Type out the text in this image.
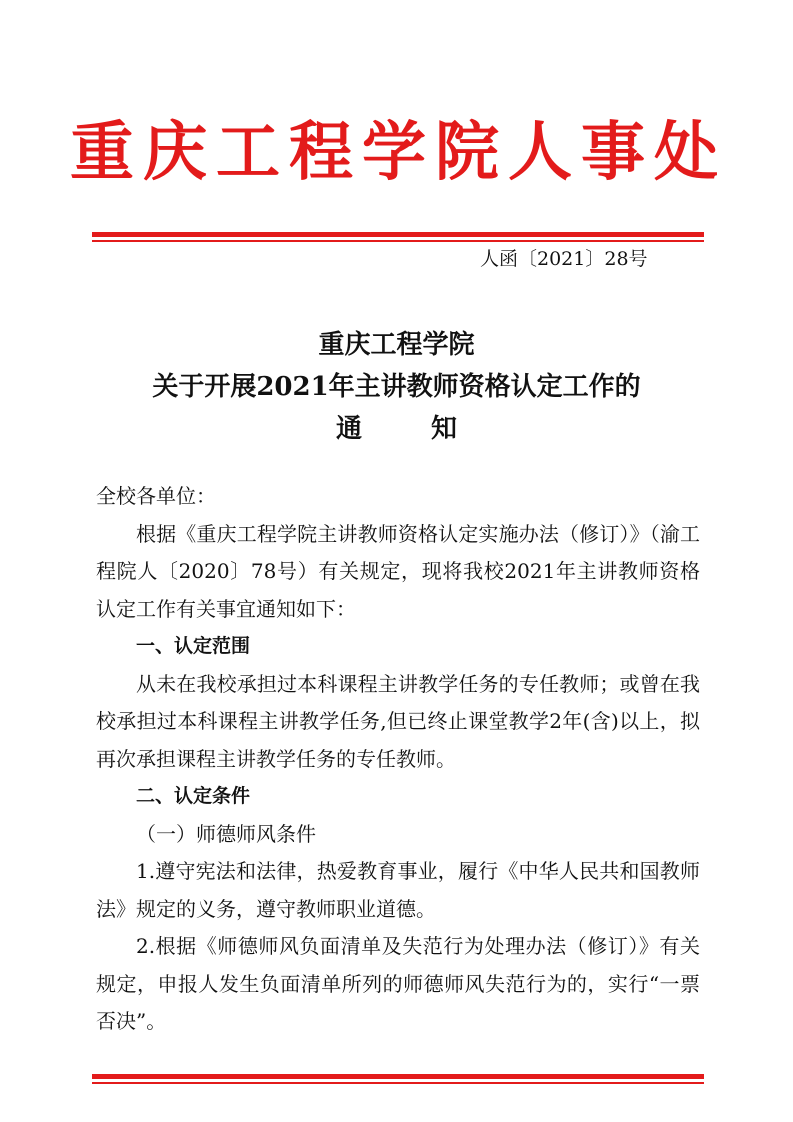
重庆工程学院人事处
人函〔2021〕28号
重庆工程学院
关于开展2021年主讲教师资格认定工作的
通 知

全校各单位：

根据《重庆工程学院主讲教师资格认定实施办法（修订）》（渝工程院人〔2020〕78号）有关规定，现将我校2021年主讲教师资格认定工作有关事宜通知如下：

一、认定范围

从未在我校承担过本科课程主讲教学任务的专任教师；或曾在我校承担过本科课程主讲教学任务,但已终止课堂教学2年(含)以上，拟再次承担课程主讲教学任务的专任教师。

二、认定条件

（一）师德师风条件

1.遵守宪法和法律，热爱教育事业，履行《中华人民共和国教师法》规定的义务，遵守教师职业道德。

2.根据《师德师风负面清单及失范行为处理办法（修订）》有关规定，申报人发生负面清单所列的师德师风失范行为的，实行“一票否决”。
